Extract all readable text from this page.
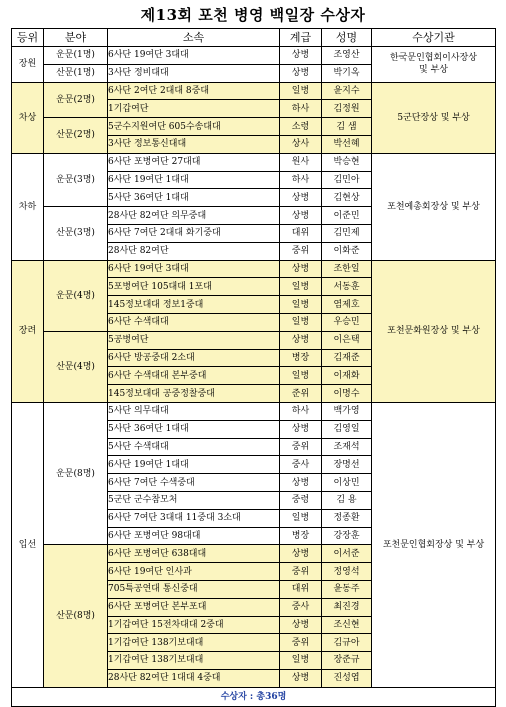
제13회 포천 병영 백일장 수상자
등위	분야	소속	계급	성명	수상기관
장원	운문(1명)	6사단 19여단 3대대	상병	조영산	한국문인협회이사장상
및 부상
	산문(1명)	3사단 정비대대	상병	박기옥	
차상	운문(2명)	6사단 2여단 2대대 8중대	일병	윤지수	5군단장상 및 부상
		1기갑여단	하사	김정원	
	산문(2명)	5군수지원여단 605수송대대	소령	김 샘	
		3사단 정보통신대대	상사	박선혜	
차하	운문(3명)	6사단 포병여단 27대대	원사	박승현	포천예총회장상 및 부상
		6사단 19여단 1대대	하사	김민아	
		5사단 36여단 1대대	상병	김현상	
	산문(3명)	28사단 82여단 의무중대	상병	이준민	
		6사단 7여단 2대대 화기중대	대위	김민제	
		28사단 82여단	중위	이화준	
장려	운문(4명)	6사단 19여단 3대대	상병	조한일	포천문화원장상 및 부상
		5포병여단 105대대 1포대	일병	서동훈	
		145정보대대 정보1중대	일병	염제호	
		6사단 수색대대	일병	우승민	
	산문(4명)	5공병여단	상병	이은택	
		6사단 방공중대 2소대	병장	김재준	
		6사단 수색대대 본부중대	일병	이재화	
		145정보대대 공중정찰중대	준위	이명수	
입선	운문(8명)	5사단 의무대대	하사	백가영	포천문인협회장상 및 부상
		5사단 36여단 1대대	상병	김영일	
		5사단 수색대대	중위	조재석	
		6사단 19여단 1대대	중사	장명선	
		6사단 7여단 수색중대	상병	이상민	
		5군단 군수참모처	중령	김 용	
		6사단 7여단 3대대 11중대 3소대	일병	정종환	
		6사단 포병여단 98대대	병장	강장훈	
	산문(8명)	6사단 포병여단 638대대	상병	이서준	
		6사단 19여단 인사과	중위	정영석	
		705특공연대 통신중대	대위	윤동주	
		6사단 포병여단 본부포대	중사	최진경	
		1기갑여단 15전차대대 2중대	상병	조신현	
		1기갑여단 138기보대대	중위	김규아	
		1기갑여단 138기보대대	일병	장준규	
		28사단 82여단 1대대 4중대	상병	진성엽	
수상자 : 총36명					
